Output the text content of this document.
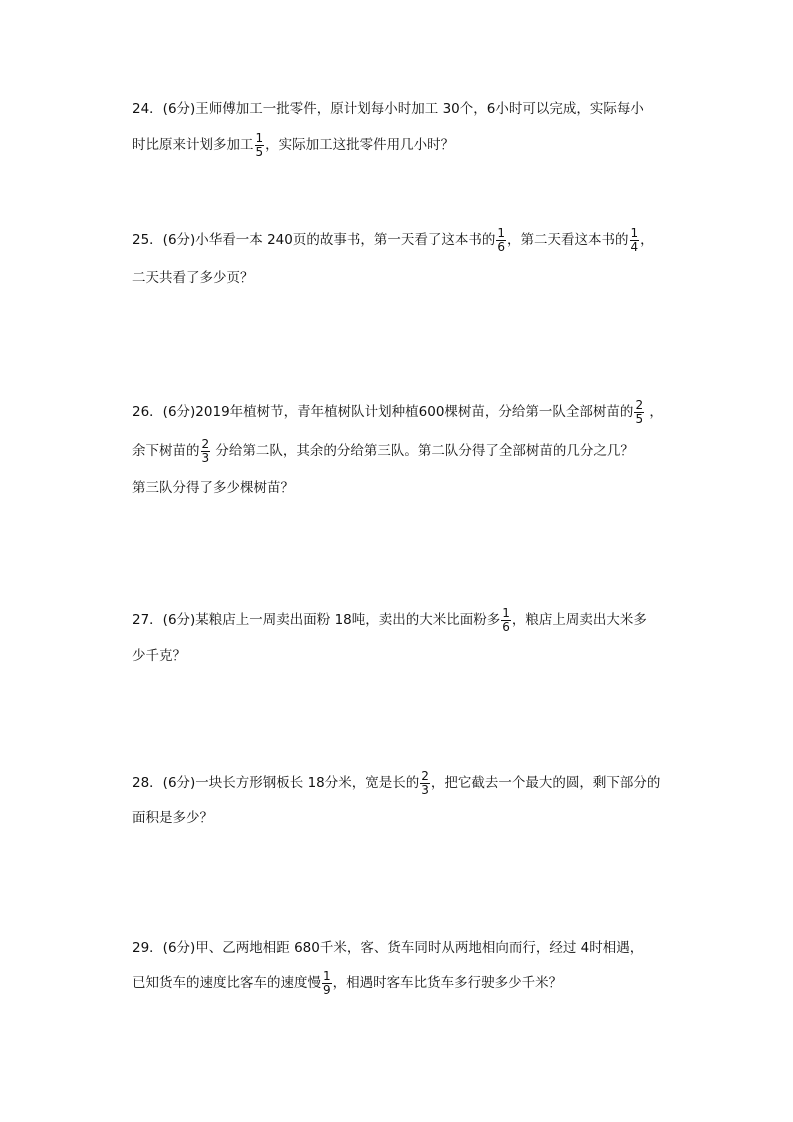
24．(6分)王师傅加工一批零件，原计划每小时加工 30个，6小时可以完成，实际每小
时比原来计划多加工 $\frac{1}{5}$ ，实际加工这批零件用几小时？
25．(6分)小华看一本 240页的故事书，第一天看了这本书的 $\frac{1}{6}$ ，第二天看这本书的 $\frac{1}{4}$ ，
二天共看了多少页？
26．(6分)2019年植树节，青年植树队计划种植600棵树苗，分给第一队全部树苗的 $\frac{2}{5}$ ，
余下树苗的 $\frac{2}{3}$ 分给第二队，其余的分给第三队。第二队分得了全部树苗的几分之几？
第三队分得了多少棵树苗？
27．(6分)某粮店上一周卖出面粉 18吨，卖出的大米比面粉多 $\frac{1}{6}$ ，粮店上周卖出大米多
少千克？
28．(6分)一块长方形钢板长 18分米，宽是长的 $\frac{2}{3}$ ，把它截去一个最大的圆，剩下部分的
面积是多少？
29．(6分)甲、乙两地相距 680千米，客、货车同时从两地相向而行，经过 4时相遇，
已知货车的速度比客车的速度慢 $\frac{1}{9}$ ，相遇时客车比货车多行驶多少千米？
